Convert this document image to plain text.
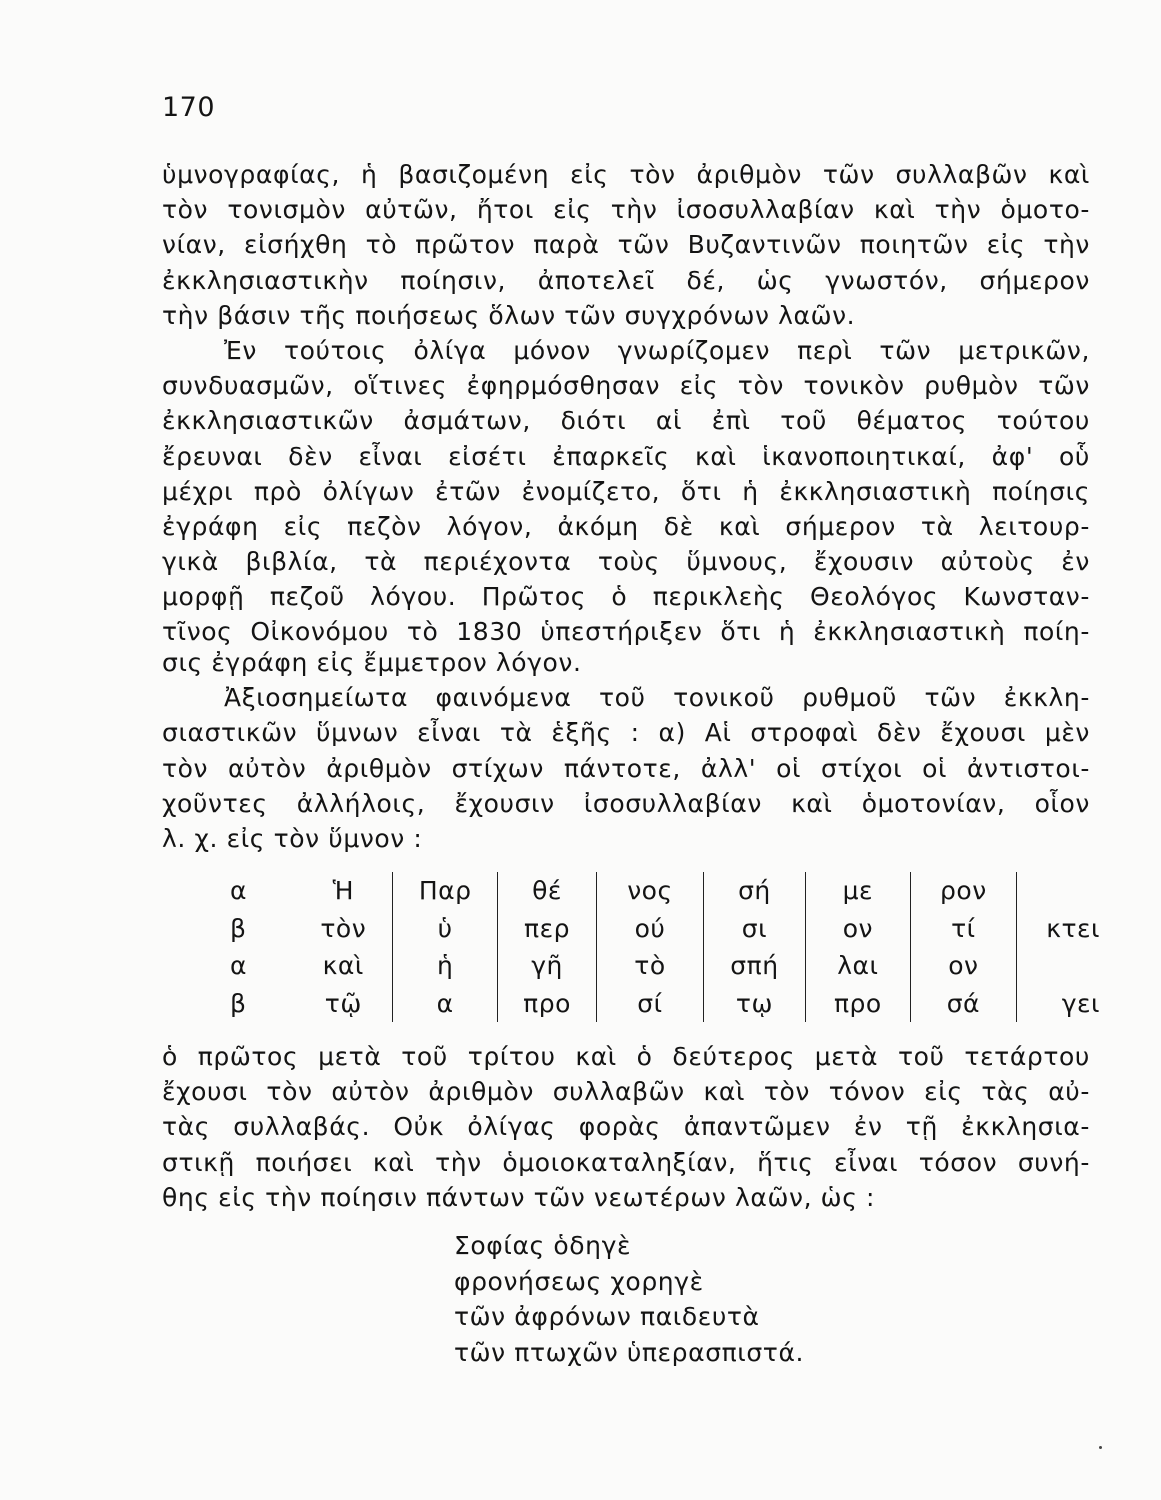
170
ὑμνογραφίας, ἡ βασιζομένη εἰς τὸν ἀριθμὸν τῶν συλλαβῶν καὶ
τὸν τονισμὸν αὐτῶν, ἤτοι εἰς τὴν ἰσοσυλλαβίαν καὶ τὴν ὁμοτο-
νίαν, εἰσήχθη τὸ πρῶτον παρὰ τῶν Βυζαντινῶν ποιητῶν εἰς τὴν
ἐκκλησιαστικὴν ποίησιν, ἀποτελεῖ δέ, ὡς γνωστόν, σήμερον
τὴν βάσιν τῆς ποιήσεως ὅλων τῶν συγχρόνων λαῶν.
Ἐν τούτοις ὀλίγα μόνον γνωρίζομεν περὶ τῶν μετρικῶν,
συνδυασμῶν, οἵτινες ἐφηρμόσθησαν εἰς τὸν τονικὸν ρυθμὸν τῶν
ἐκκλησιαστικῶν ἀσμάτων, διότι αἱ ἐπὶ τοῦ θέματος τούτου
ἔρευναι δὲν εἶναι εἰσέτι ἐπαρκεῖς καὶ ἱκανοποιητικαί, ἀφ' οὗ
μέχρι πρὸ ὀλίγων ἐτῶν ἐνομίζετο, ὅτι ἡ ἐκκλησιαστικὴ ποίησις
ἐγράφη εἰς πεζὸν λόγον, ἀκόμη δὲ καὶ σήμερον τὰ λειτουρ-
γικὰ βιβλία, τὰ περιέχοντα τοὺς ὕμνους, ἔχουσιν αὐτοὺς ἐν
μορφῇ πεζοῦ λόγου. Πρῶτος ὁ περικλεὴς Θεολόγος Κωνσταν-
τῖνος Οἰκονόμου τὸ 1830 ὑπεστήριξεν ὅτι ἡ ἐκκλησιαστικὴ ποίη-
σις ἐγράφη εἰς ἔμμετρον λόγον.
Ἀξιοσημείωτα φαινόμενα τοῦ τονικοῦ ρυθμοῦ τῶν ἐκκλη-
σιαστικῶν ὕμνων εἶναι τὰ ἑξῆς : α) Αἱ στροφαὶ δὲν ἔχουσι μὲν
τὸν αὐτὸν ἀριθμὸν στίχων πάντοτε, ἀλλ' οἱ στίχοι οἱ ἀντιστοι-
χοῦντες ἀλλήλοις, ἔχουσιν ἰσοσυλλαβίαν καὶ ὁμοτονίαν, οἷον
λ. χ. εἰς τὸν ὕμνον :
α	Ἡ	Παρ	θέ	νος	σή	με	ρον	
β	τὸν	ὑ	περ	ού	σι	ον	τί	κτει
α	καὶ	ἡ	γῆ	τὸ	σπή	λαι	ον	
β	τῷ	α	προ	σί	τῳ	προ	σά	γει
ὁ πρῶτος μετὰ τοῦ τρίτου καὶ ὁ δεύτερος μετὰ τοῦ τετάρτου
ἔχουσι τὸν αὐτὸν ἀριθμὸν συλλαβῶν καὶ τὸν τόνον εἰς τὰς αὐ-
τὰς συλλαβάς. Οὐκ ὀλίγας φορὰς ἀπαντῶμεν ἐν τῇ ἐκκλησια-
στικῇ ποιήσει καὶ τὴν ὁμοιοκαταληξίαν, ἥτις εἶναι τόσον συνή-
θης εἰς τὴν ποίησιν πάντων τῶν νεωτέρων λαῶν, ὡς :
Σοφίας ὁδηγὲ
φρονήσεως χορηγὲ
τῶν ἀφρόνων παιδευτὰ
τῶν πτωχῶν ὑπερασπιστά.
